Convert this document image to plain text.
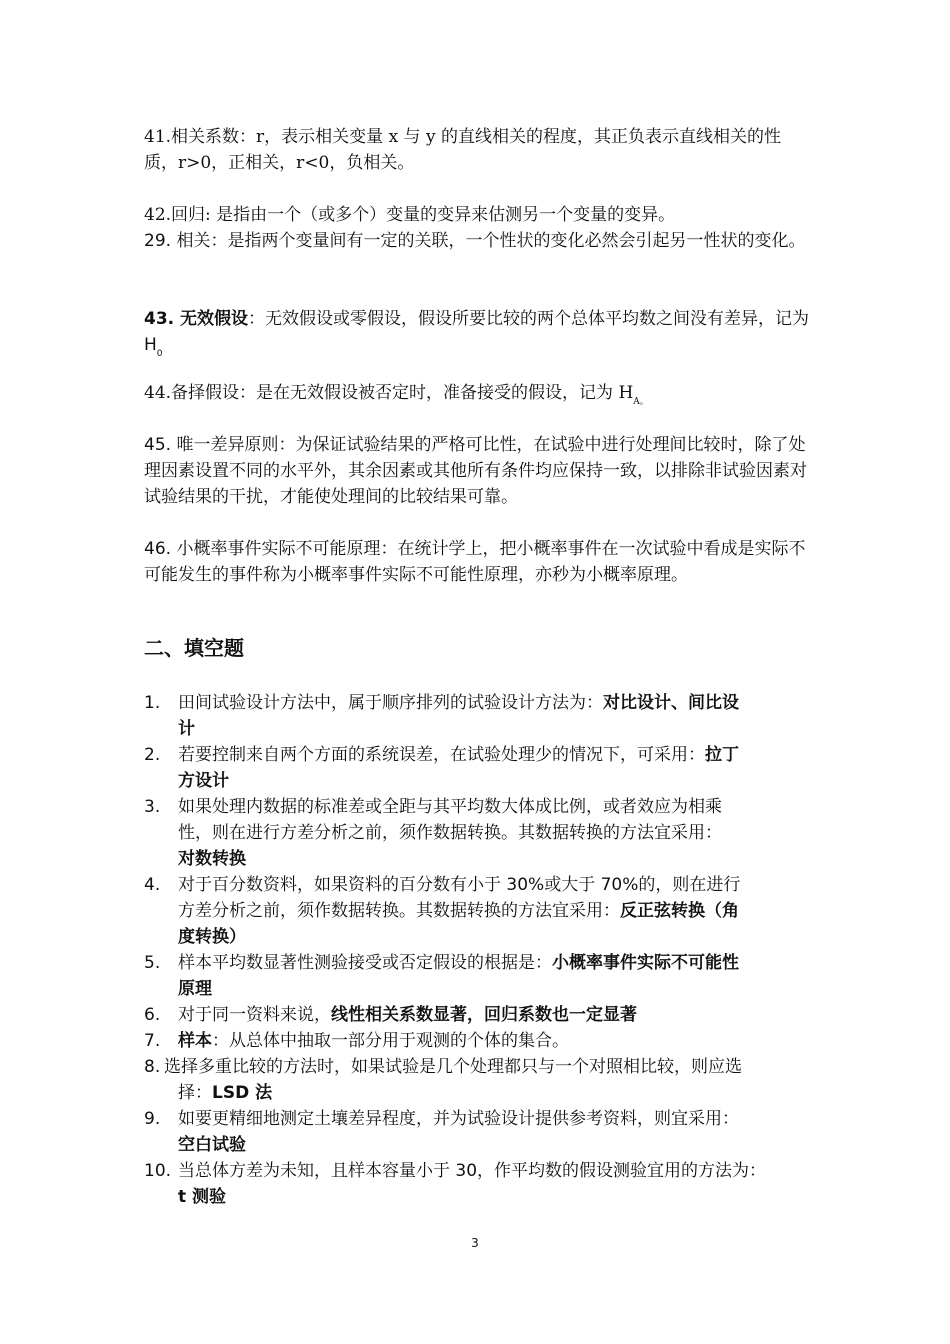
41.相关系数：r，表示相关变量 x 与 y 的直线相关的程度，其正负表示直线相关的性质，r>0，正相关，r<0，负相关。
42.回归: 是指由一个（或多个）变量的变异来估测另一个变量的变异。
29. 相关：是指两个变量间有一定的关联，一个性状的变化必然会引起另一性状的变化。
43. 无效假设：无效假设或零假设，假设所要比较的两个总体平均数之间没有差异，记为 $H_0$
44.备择假设：是在无效假设被否定时，准备接受的假设，记为 $H_{A。}$
45. 唯一差异原则：为保证试验结果的严格可比性，在试验中进行处理间比较时，除了处理因素设置不同的水平外，其余因素或其他所有条件均应保持一致，以排除非试验因素对试验结果的干扰，才能使处理间的比较结果可靠。
46. 小概率事件实际不可能原理：在统计学上，把小概率事件在一次试验中看成是实际不可能发生的事件称为小概率事件实际不可能性原理，亦秒为小概率原理。
二、填空题
1. 田间试验设计方法中，属于顺序排列的试验设计方法为：对比设计、间比设
计
2. 若要控制来自两个方面的系统误差，在试验处理少的情况下，可采用：拉丁
方设计
3. 如果处理内数据的标准差或全距与其平均数大体成比例，或者效应为相乘
性，则在进行方差分析之前，须作数据转换。其数据转换的方法宜采用：
对数转换
4. 对于百分数资料，如果资料的百分数有小于 30%或大于 70%的，则在进行
方差分析之前，须作数据转换。其数据转换的方法宜采用：反正弦转换（角
度转换）
5. 样本平均数显著性测验接受或否定假设的根据是：小概率事件实际不可能性
原理
6. 对于同一资料来说，线性相关系数显著，回归系数也一定显著
7. 样本：从总体中抽取一部分用于观测的个体的集合。
8. 选择多重比较的方法时，如果试验是几个处理都只与一个对照相比较，则应选
择：LSD 法
9. 如要更精细地测定土壤差异程度，并为试验设计提供参考资料，则宜采用：
空白试验
10. 当总体方差为未知，且样本容量小于 30，作平均数的假设测验宜用的方法为：
t 测验
3
